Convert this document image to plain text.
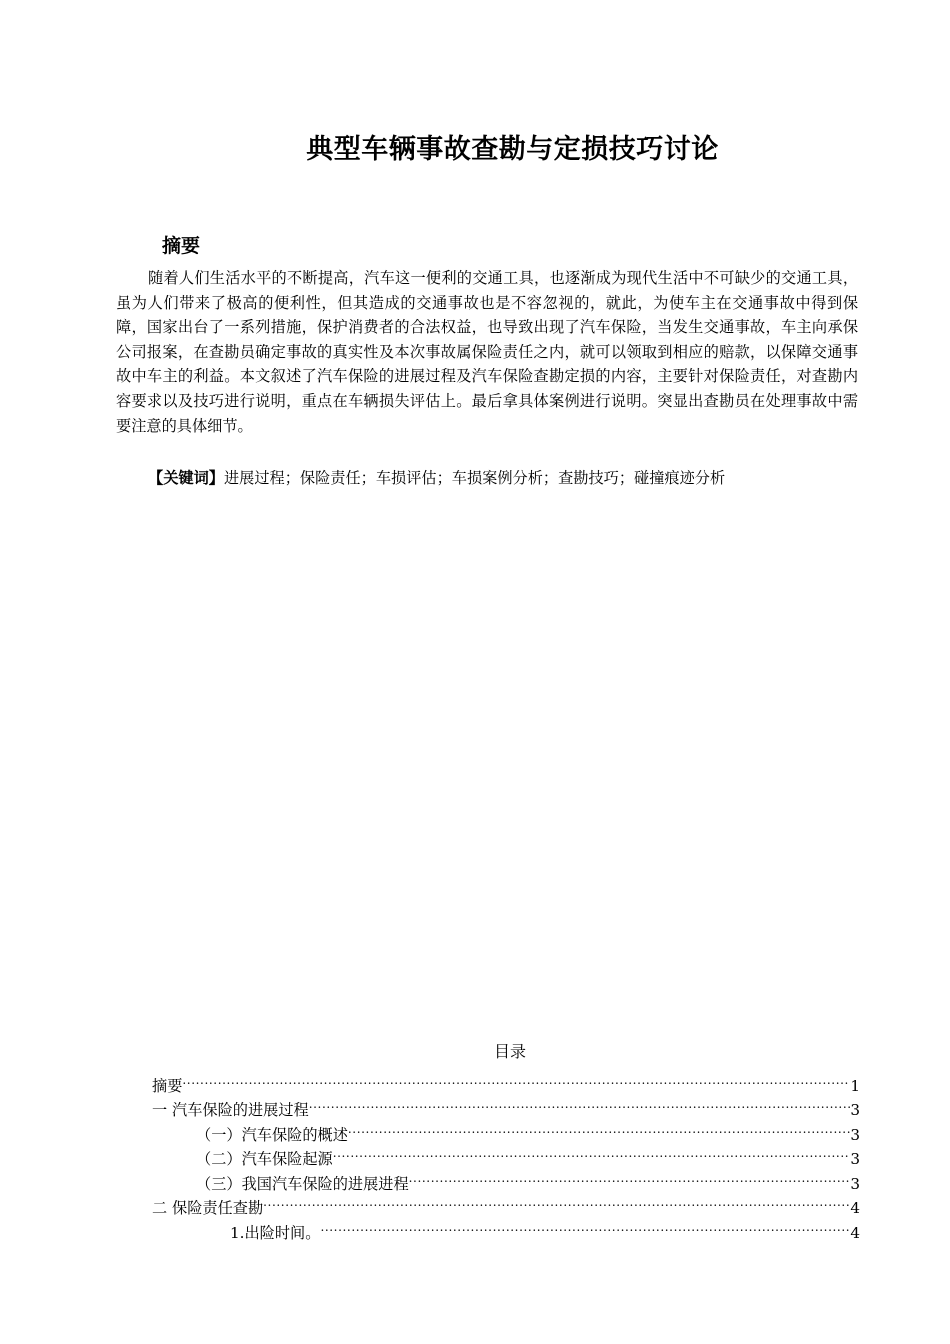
典型车辆事故查勘与定损技巧讨论
摘要

随着人们生活水平的不断提高，汽车这一便利的交通工具，也逐渐成为现代生活中不可缺少的交通工具，虽为人们带来了极高的便利性，但其造成的交通事故也是不容忽视的，就此，为使车主在交通事故中得到保障，国家出台了一系列措施，保护消费者的合法权益，也导致出现了汽车保险，当发生交通事故，车主向承保公司报案，在查勘员确定事故的真实性及本次事故属保险责任之内，就可以领取到相应的赔款，以保障交通事故中车主的利益。本文叙述了汽车保险的进展过程及汽车保险查勘定损的内容，主要针对保险责任，对查勘内容要求以及技巧进行说明，重点在车辆损失评估上。最后拿具体案例进行说明。突显出查勘员在处理事故中需要注意的具体细节。

【关键词】进展过程；保险责任；车损评估；车损案例分析；查勘技巧；碰撞痕迹分析

目录
摘要 .....	1
一 汽车保险的进展过程 .....	3
（一）汽车保险的概述 .....	3
（二）汽车保险起源 .....	3
（三）我国汽车保险的进展进程 .....	3
二 保险责任查勘 .....	4
1.出险时间。 .....	4
